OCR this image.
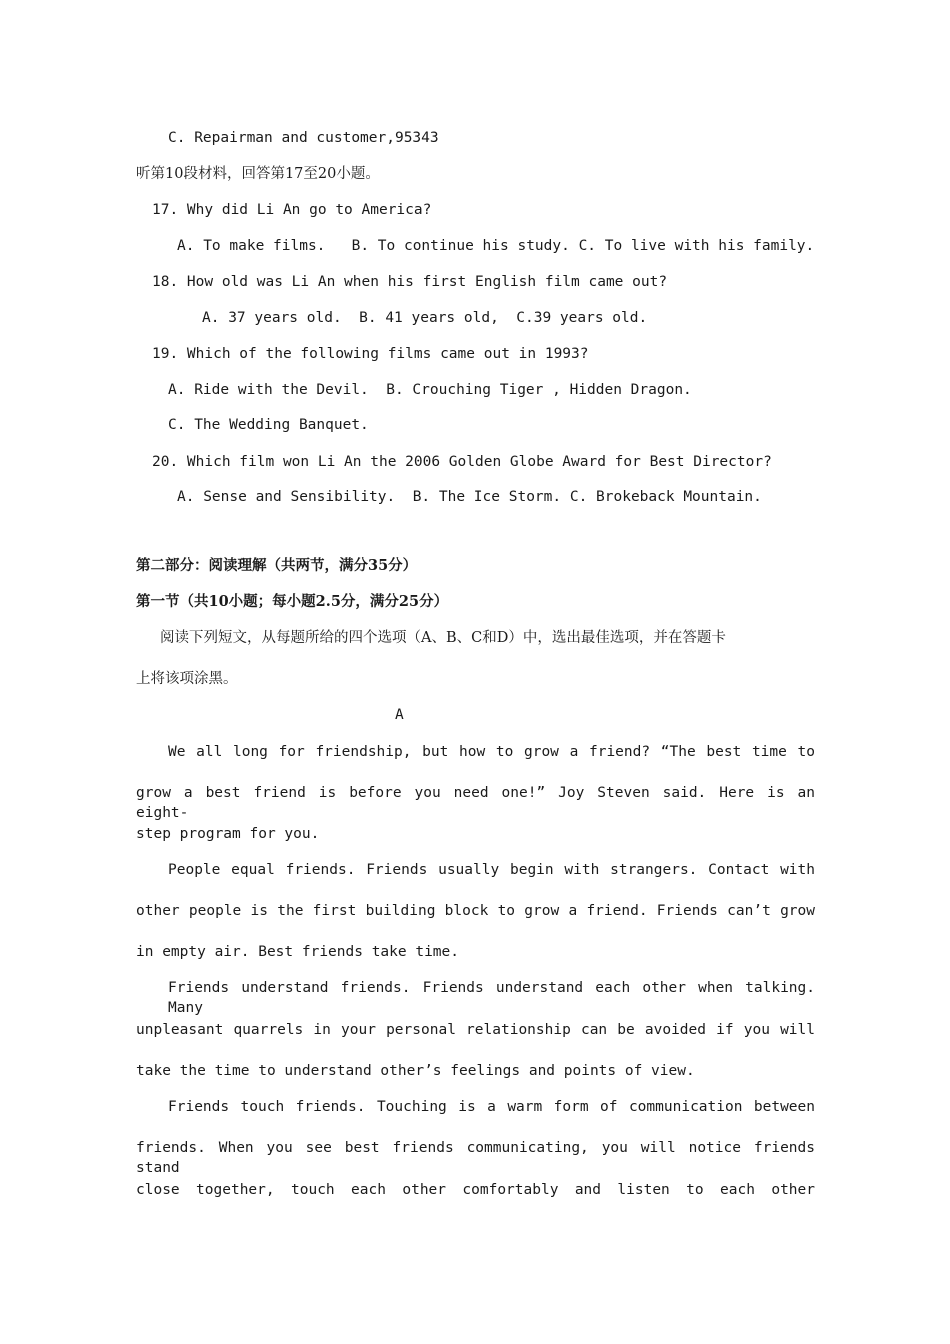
C. Repairman and customer,95343
听第10段材料，回答第17至20小题。
17. Why did Li An go to America?
A. To make films.   B. To continue his study. C. To live with his family.
18. How old was Li An when his first English film came out?
A. 37 years old.  B. 41 years old,  C.39 years old.
19. Which of the following films came out in 1993?
A. Ride with the Devil.  B. Crouching Tiger , Hidden Dragon.
C. The Wedding Banquet.
20. Which film won Li An the 2006 Golden Globe Award for Best Director?
A. Sense and Sensibility.  B. The Ice Storm. C. Brokeback Mountain.
第二部分：阅读理解（共两节，满分35分）
第一节（共10小题；每小题2.5分，满分25分）
阅读下列短文，从每题所给的四个选项（A、B、C和D）中，选出最佳选项，并在答题卡
上将该项涂黑。
A
We all long for friendship, but how to grow a friend? “The best time to
grow a best friend is before you need one!” Joy Steven said. Here is an eight-
step program for you.
People equal friends. Friends usually begin with strangers. Contact with
other people is the first building block to grow a friend. Friends can’t grow
in empty air. Best friends take time.
Friends understand friends. Friends understand each other when talking. Many
unpleasant quarrels in your personal relationship can be avoided if you will
take the time to understand other’s feelings and points of view.
Friends touch friends. Touching is a warm form of communication between
friends. When you see best friends communicating, you will notice friends stand
close together, touch each other comfortably and listen to each other
